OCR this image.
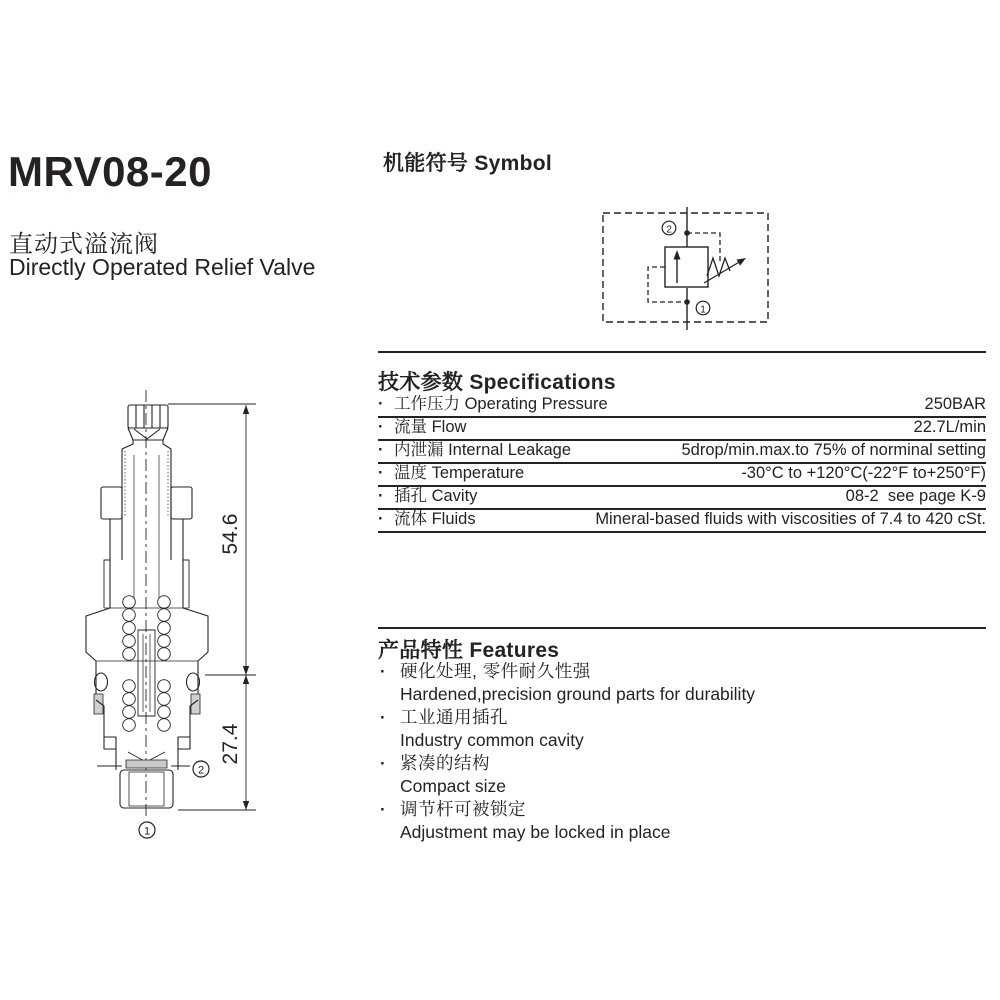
MRV08-20
直动式溢流阀
Directly Operated Relief Valve
机能符号 Symbol
2
1
54.6
27.4
2
1
技术参数 Specifications
· 工作压力 Operating Pressure	250BAR
· 流量 Flow	22.7L/min
· 内泄漏 Internal Leakage	5drop/min.max.to 75% of norminal setting
· 温度 Temperature	-30°C to +120°C(-22°F to+250°F)
· 插孔 Cavity	08-2  see page K-9
· 流体 Fluids	Mineral-based fluids with viscosities of 7.4 to 420 cSt.
产品特性 Features
· 硬化处理, 零件耐久性强
Hardened,precision ground parts for durability
· 工业通用插孔
Industry common cavity
· 紧凑的结构
Compact size
· 调节杆可被锁定
Adjustment may be locked in place
